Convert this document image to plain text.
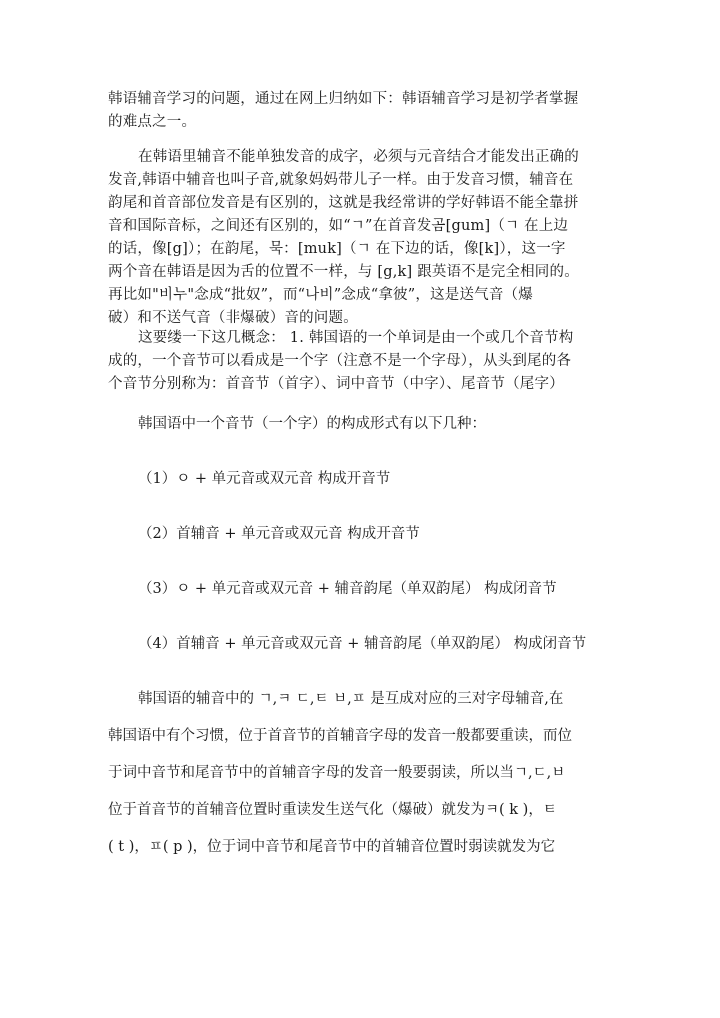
韩语辅音学习的问题，通过在网上归纳如下：韩语辅音学习是初学者掌握
的难点之一。
在韩语里辅音不能单独发音的成字，必须与元音结合才能发出正确的
发音,韩语中辅音也叫子音,就象妈妈带儿子一样。由于发音习惯，辅音在
韵尾和首音部位发音是有区别的，这就是我经常讲的学好韩语不能全靠拼
音和国际音标，之间还有区别的，如“ㄱ”在首音发곰[gum]（ㄱ 在上边
的话，像[g]）；在韵尾，묵：[muk]（ㄱ 在下边的话，像[k]），这一字
两个音在韩语是因为舌的位置不一样，与 [g,k] 跟英语不是完全相同的。
再比如"비누"念成“批奴”，而“나비”念成“拿彼”，这是送气音（爆
破）和不送气音（非爆破）音的问题。
这要缕一下这几概念： 1. 韩国语的一个单词是由一个或几个音节构
成的，一个音节可以看成是一个字（注意不是一个字母），从头到尾的各
个音节分别称为：首音节（首字）、词中音节（中字）、尾音节（尾字）
韩国语中一个音节（一个字）的构成形式有以下几种：
（1）ㅇ + 单元音或双元音 构成开音节
（2）首辅音 + 单元音或双元音 构成开音节
（3）ㅇ + 单元音或双元音 + 辅音韵尾（单双韵尾） 构成闭音节
（4）首辅音 + 单元音或双元音 + 辅音韵尾（单双韵尾） 构成闭音节
韩国语的辅音中的 ㄱ,ㅋ ㄷ,ㅌ ㅂ,ㅍ 是互成对应的三对字母辅音,在
韩国语中有个习惯，位于首音节的首辅音字母的发音一般都要重读，而位
于词中音节和尾音节中的首辅音字母的发音一般要弱读，所以当ㄱ,ㄷ,ㅂ
位于首音节的首辅音位置时重读发生送气化（爆破）就发为ㅋ( k )，ㅌ
( t )，ㅍ( p )，位于词中音节和尾音节中的首辅音位置时弱读就发为它
